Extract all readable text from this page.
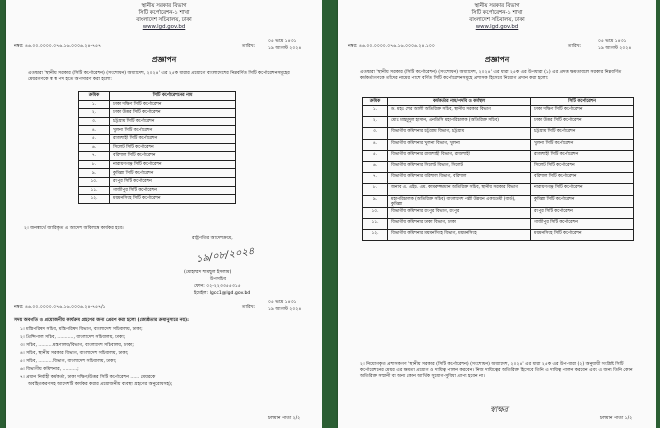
স্থানীয় সরকার বিভাগ
সিটি কর্পোরেশন-১ শাখা
বাংলাদেশ সচিবালয়, ঢাকা
www.lgd.gov.bd
নম্বর: ৪৬.০০.০০০০.০৭৬.১৬.০০০৬.২৪-৭৫৭	তারিখ:
০৫ ভাদ্র ১৪৩১
১৯ আগস্ট ২০২৪
প্রজ্ঞাপন
এতদ্বারা 'স্থানীয় সরকার (সিটি কর্পোরেশন) (সংশোধন) অধ্যাদেশ, ২০২৪' এর ২৫ক ধারার প্রয়োগে বাংলাদেশের নিম্নবর্ণিত সিটি কর্পোরেশনসমূহের মেয়রগণকে স্ব স্ব পদ হতে অপসারণ করা হলো:
ক্রমিক	সিটি কর্পোরেশনের নাম
১.	ঢাকা দক্ষিণ সিটি কর্পোরেশন
২.	ঢাকা উত্তর সিটি কর্পোরেশন
৩.	চট্টগ্রাম সিটি কর্পোরেশন
৪.	খুলনা সিটি কর্পোরেশন
৫.	রাজশাহী সিটি কর্পোরেশন
৬.	সিলেট সিটি কর্পোরেশন
৭.	বরিশাল সিটি কর্পোরেশন
৮.	নারায়ণগঞ্জ সিটি কর্পোরেশন
৯.	কুমিল্লা সিটি কর্পোরেশন
১০.	রংপুর সিটি কর্পোরেশন
১১.	গাজীপুর সিটি কর্পোরেশন
১২.	ময়মনসিংহ সিটি কর্পোরেশন
২। জনস্বার্থে জারিকৃত এ আদেশ অবিলম্বে কার্যকর হবে।
রাষ্ট্রপতির আদেশক্রমে,
১৯/০৮/২০২৪
(মোহাম্মদ শামছুল ইসলাম)
উপসচিব
ফোন: ০২-২২৩৩৫৫৩১৫
ইমেইল: lgcc1@lgd.gov.bd
নম্বর: ৪৬.০০.০০০০.০৭৬.১৬.০০০৬.২৪-৭৫৭/১	তারিখ:
০৫ ভাদ্র ১৪৩১
১৯ আগস্ট ২০২৪
সদয় অবগতি ও প্রয়োজনীয় কার্যক্রম গ্রহণের জন্য প্রেরণ করা হলো (জ্যেষ্ঠতার ক্রমানুসারে নয়):
১। মন্ত্রিপরিষদ সচিব, মন্ত্রিপরিষদ বিভাগ, বাংলাদেশ সচিবালয়, ঢাকা;
২। প্রিন্সিপাল সচিব, ..........., বাংলাদেশ সচিবালয়, ঢাকা;
৩। সচিব, ..........মন্ত্রণালয়/বিভাগ, বাংলাদেশ সচিবালয়, ঢাকা;
৪। সচিব, স্থানীয় সরকার বিভাগ, বাংলাদেশ সচিবালয়, ঢাকা;
৫। সচিব, ..........বিভাগ, বাংলাদেশ সচিবালয়, ঢাকা;
৬। বিভাগীয় কমিশনার, ..........;
৭। প্রধান নির্বাহী কর্মকর্তা, ঢাকা দক্ষিণ/উত্তর সিটি কর্পোরেশন ...... মেয়রকে
অবহিতকরণসহ আদেশটি কার্যকর করার প্রয়োজনীয় ব্যবস্থা গ্রহণের অনুরোধসহ);
চলমান পাতা ২/২
স্থানীয় সরকার বিভাগ
সিটি কর্পোরেশন-১ শাখা
বাংলাদেশ সচিবালয়, ঢাকা
www.lgd.gov.bd
নম্বর: ৪৬.০০.০০০০.০৭৬.১৬.০০০৬.২৪.১০০	তারিখ:
০৫ ভাদ্র ১৪৩১
১৯ আগস্ট ২০২৪
প্রজ্ঞাপন
এতদ্বারা 'স্থানীয় সরকার (সিটি কর্পোরেশন) (সংশোধন) অধ্যাদেশ, ২০২৪' এর ধারা ২৫ক এর উপধারা (১) এর প্রদত্ত ক্ষমতাবলে সরকার নিম্নবর্ণিত কর্মকর্তাগণকে তাঁদের নামের পাশে বর্ণিত সিটি কর্পোরেশনসমূহে প্রশাসক হিসেবে নিয়োগ প্রদান করা হলো:
ক্রমিক	কর্মকর্তার নাম/পদবি ও কর্মস্থল	সিটি কর্পোরেশন
১.	ড. মহঃ শের আলী অতিরিক্ত সচিব, স্থানীয় সরকার বিভাগ	ঢাকা দক্ষিণ সিটি কর্পোরেশন
২.	মোঃ মাহমুদুল হাসান, এনডিসি মহাপরিচালক (অতিরিক্ত সচিব)	ঢাকা উত্তর সিটি কর্পোরেশন
৩.	বিভাগীয় কমিশনার চট্টগ্রাম বিভাগ, চট্টগ্রাম	চট্টগ্রাম সিটি কর্পোরেশন
৪.	বিভাগীয় কমিশনার খুলনা বিভাগ, খুলনা	খুলনা সিটি কর্পোরেশন
৫.	বিভাগীয় কমিশনার রাজশাহী বিভাগ, রাজশাহী	রাজশাহী সিটি কর্পোরেশন
৬.	বিভাগীয় কমিশনার সিলেট বিভাগ, সিলেট	সিলেট সিটি কর্পোরেশন
৭.	বিভাগীয় কমিশনার বরিশাল বিভাগ, বরিশাল	বরিশাল সিটি কর্পোরেশন
৮.	জনাব এ. এইচ. এম. কামরুজ্জামান অতিরিক্ত সচিব, স্থানীয় সরকার বিভাগ	নারায়ণগঞ্জ সিটি কর্পোরেশন
৯.	মহাপরিচালক (অতিরিক্ত সচিব) বাংলাদেশ পল্লী উন্নয়ন একাডেমী (বার্ড), কুমিল্লা	কুমিল্লা সিটি কর্পোরেশন
১০.	বিভাগীয় কমিশনার রংপুর বিভাগ, রংপুর	রংপুর সিটি কর্পোরেশন
১১.	বিভাগীয় কমিশনার ঢাকা বিভাগ, ঢাকা	গাজীপুর সিটি কর্পোরেশন
১২.	বিভাগীয় কমিশনার ময়মনসিংহ বিভাগ, ময়মনসিংহ	ময়মনসিংহ সিটি কর্পোরেশন
২। নিয়োগকৃত প্রশাসকগণ 'স্থানীয় সরকার (সিটি কর্পোরেশন) (সংশোধন) অধ্যাদেশ, ২০২৪' এর ধারা ২৫ক এর উপ-ধারা (২) অনুযায়ী সংশ্লিষ্ট সিটি কর্পোরেশনের মেয়র এর ক্ষমতা প্রয়োগ ও দায়িত্ব পালন করবেন। নিজ দায়িত্বের অতিরিক্ত হিসেবে তিনি এ দায়িত্ব পালন করবেন এবং এ জন্য তিনি কোন অতিরিক্ত সম্মানী বা অন্য কোন আর্থিক সুযোগ-সুবিধা প্রাপ্য হবেন না।
স্বাক্ষর
চলমান পাতা ১/২
